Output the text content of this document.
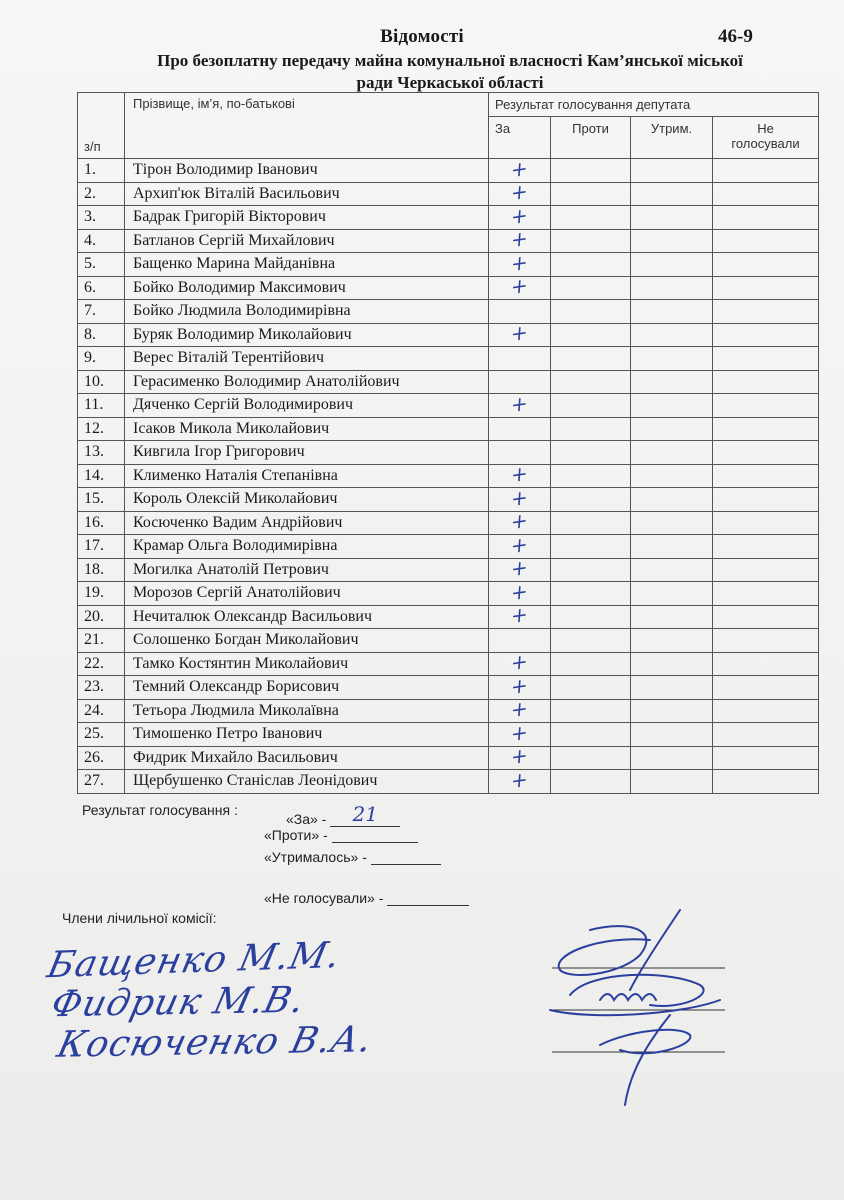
Відомості	46-9
Про безоплатну передачу майна комунальної власності Кам’янської міської
ради Черкаської області
з/п	Прізвище, ім’я, по-батькові	Результат голосування депутата			
		За	Проти	Утрим.	Не
голосували

1.	Тірон Володимир Іванович	+			
2.	Архип'юк Віталій Васильович	+			
3.	Бадрак Григорій Вікторович	+			
4.	Батланов Сергій Михайлович	+			
5.	Бащенко Марина Майданівна	+			
6.	Бойко Володимир Максимович	+			
7.	Бойко Людмила Володимирівна				
8.	Буряк Володимир Миколайович	+			
9.	Верес Віталій Терентійович				
10.	Герасименко Володимир Анатолійович				
11.	Дяченко Сергій Володимирович	+			
12.	Ісаков Микола Миколайович				
13.	Кивгила Ігор Григорович				
14.	Клименко Наталія Степанівна	+			
15.	Король Олексій Миколайович	+			
16.	Косюченко Вадим Андрійович	+			
17.	Крамар Ольга Володимирівна	+			
18.	Могилка Анатолій Петрович	+			
19.	Морозов Сергій Анатолійович	+			
20.	Нечиталюк Олександр Васильович	+			
21.	Солошенко Богдан Миколайович				
22.	Тамко Костянтин Миколайович	+			
23.	Темний Олександр Борисович	+			
24.	Тетьора Людмила Миколаївна	+			
25.	Тимошенко Петро Іванович	+			
26.	Фидрик Михайло Васильович	+			
27.	Щербушенко Станіслав Леонідович	+			
Результат голосування :
«За» - 21
«Проти» -
«Утрималось» -
«Не голосували» -
Члени лічильної комісії:
Бащенко М.М.
Фидрик М.В.
Косюченко В.А.
